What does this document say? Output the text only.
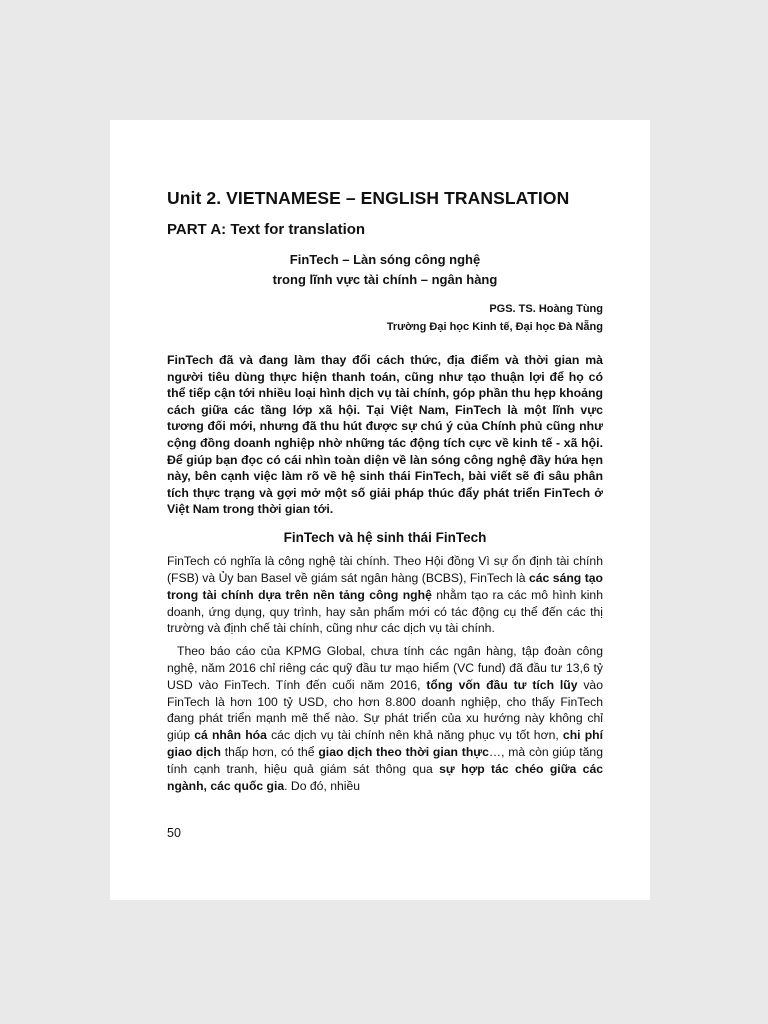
Unit 2. VIETNAMESE – ENGLISH TRANSLATION
PART A: Text for translation
FinTech – Làn sóng công nghệ
trong lĩnh vực tài chính – ngân hàng
PGS. TS. Hoàng Tùng
Trường Đại học Kinh tế, Đại học Đà Nẵng

FinTech đã và đang làm thay đổi cách thức, địa điểm và thời gian mà người tiêu dùng thực hiện thanh toán, cũng như tạo thuận lợi để họ có thể tiếp cận tới nhiều loại hình dịch vụ tài chính, góp phần thu hẹp khoảng cách giữa các tầng lớp xã hội. Tại Việt Nam, FinTech là một lĩnh vực tương đối mới, nhưng đã thu hút được sự chú ý của Chính phủ cũng như cộng đồng doanh nghiệp nhờ những tác động tích cực về kinh tế - xã hội. Để giúp bạn đọc có cái nhìn toàn diện về làn sóng công nghệ đầy hứa hẹn này, bên cạnh việc làm rõ về hệ sinh thái FinTech, bài viết sẽ đi sâu phân tích thực trạng và gợi mở một số giải pháp thúc đẩy phát triển FinTech ở Việt Nam trong thời gian tới.

FinTech và hệ sinh thái FinTech

FinTech có nghĩa là công nghệ tài chính. Theo Hội đồng Vì sự ổn định tài chính (FSB) và Ủy ban Basel về giám sát ngân hàng (BCBS), FinTech là các sáng tạo trong tài chính dựa trên nền tảng công nghệ nhằm tạo ra các mô hình kinh doanh, ứng dụng, quy trình, hay sản phẩm mới có tác động cụ thể đến các thị trường và định chế tài chính, cũng như các dịch vụ tài chính.

Theo báo cáo của KPMG Global, chưa tính các ngân hàng, tập đoàn công nghệ, năm 2016 chỉ riêng các quỹ đầu tư mạo hiểm (VC fund) đã đầu tư 13,6 tỷ USD vào FinTech. Tính đến cuối năm 2016, tổng vốn đầu tư tích lũy vào FinTech là hơn 100 tỷ USD, cho hơn 8.800 doanh nghiệp, cho thấy FinTech đang phát triển mạnh mẽ thế nào. Sự phát triển của xu hướng này không chỉ giúp cá nhân hóa các dịch vụ tài chính nên khả năng phục vụ tốt hơn, chi phí giao dịch thấp hơn, có thể giao dịch theo thời gian thực…, mà còn giúp tăng tính cạnh tranh, hiệu quả giám sát thông qua sự hợp tác chéo giữa các ngành, các quốc gia. Do đó, nhiều

50
